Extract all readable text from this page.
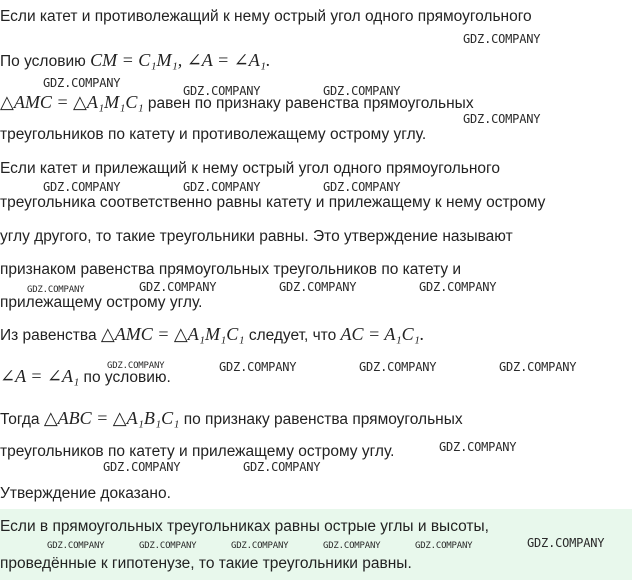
Если катет и противолежащий к нему острый угол одного прямоугольного

По условию CM = C₁M₁, ∠A = ∠A₁.

△AMC = △A₁M₁C₁ равен по признаку равенства прямоугольных

треугольников по катету и противолежащему острому углу.

Если катет и прилежащий к нему острый угол одного прямоугольного

треугольника соответственно равны катету и прилежащему к нему острому

углу другого, то такие треугольники равны. Это утверждение называют

признаком равенства прямоугольных треугольников по катету и

прилежащему острому углу.

Из равенства △AMC = △A₁M₁C₁ следует, что AC = A₁C₁.

∠A = ∠A₁ по условию.

Тогда △ABC = △A₁B₁C₁ по признаку равенства прямоугольных

треугольников по катету и прилежащему острому углу.

Утверждение доказано.

Если в прямоугольных треугольниках равны острые углы и высоты,

проведённые к гипотенузе, то такие треугольники равны.

GDZ.COMPANY
GDZ.COMPANY
GDZ.COMPANY	GDZ.COMPANY
GDZ.COMPANY
GDZ.COMPANY	GDZ.COMPANY	GDZ.COMPANY
GDZ.COMPANY	GDZ.COMPANY	GDZ.COMPANY	GDZ.COMPANY
GDZ.COMPANY	GDZ.COMPANY	GDZ.COMPANY	GDZ.COMPANY
GDZ.COMPANY
GDZ.COMPANY	GDZ.COMPANY
GDZ.COMPANY	GDZ.COMPANY	GDZ.COMPANY	GDZ.COMPANY	GDZ.COMPANY	GDZ.COMPANY
